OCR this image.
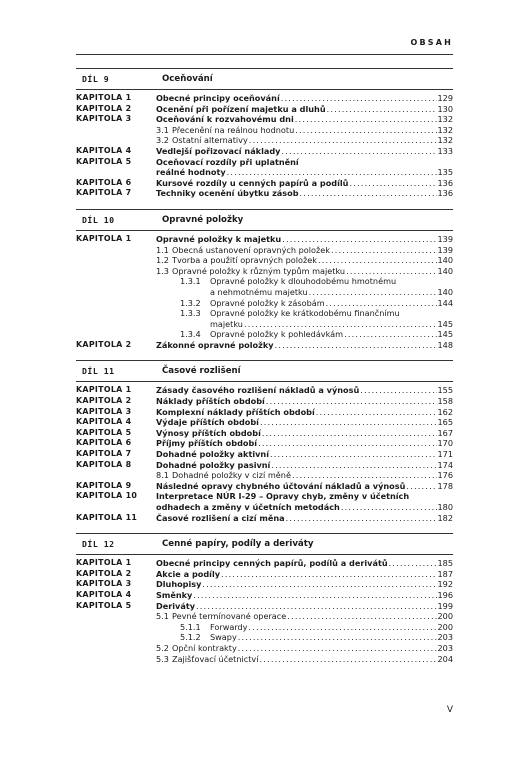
OBSAH
DÍL 9	Oceňování
KAPITOLA 1	Obecné principy oceňování .....	129
KAPITOLA 2	Ocenění při pořízení majetku a dluhů .....	130
KAPITOLA 3	Oceňování k rozvahovému dni .....	132
3.1 Přecenění na reálnou hodnotu .....	132
3.2 Ostatní alternativy .....	132
KAPITOLA 4	Vedlejší pořizovací náklady .....	133
KAPITOLA 5	Oceňovací rozdíly při uplatnění
reálné hodnoty .....	135
KAPITOLA 6	Kursové rozdíly u cenných papírů a podílů .....	136
KAPITOLA 7	Techniky ocenění úbytku zásob .....	136
DÍL 10	Opravné položky
KAPITOLA 1	Opravné položky k majetku .....	139
1.1 Obecná ustanovení opravných položek .....	139
1.2 Tvorba a použití opravných položek .....	140
1.3 Opravné položky k různým typům majetku .....	140
1.3.1	Opravné položky k dlouhodobému hmotnému
a nehmotnému majetku .....	140
1.3.2	Opravné položky k zásobám .....	144
1.3.3	Opravné položky ke krátkodobému finančnímu
majetku .....	145
1.3.4	Opravné položky k pohledávkám .....	145
KAPITOLA 2	Zákonné opravné položky .....	148
DÍL 11	Časové rozlišení
KAPITOLA 1	Zásady časového rozlišení nákladů a výnosů .....	155
KAPITOLA 2	Náklady příštích období .....	158
KAPITOLA 3	Komplexní náklady příštích období .....	162
KAPITOLA 4	Výdaje příštích období .....	165
KAPITOLA 5	Výnosy příštích období .....	167
KAPITOLA 6	Příjmy příštích období .....	170
KAPITOLA 7	Dohadné položky aktivní .....	171
KAPITOLA 8	Dohadné položky pasivní .....	174
8.1 Dohadné položky v cizí měně .....	176
KAPITOLA 9	Následné opravy chybného účtování nákladů a výnosů .....	178
KAPITOLA 10	Interpretace NÚR I-29 – Opravy chyb, změny v účetních
odhadech a změny v účetních metodách .....	180
KAPITOLA 11	Časové rozlišení a cizí měna .....	182
DÍL 12	Cenné papíry, podíly a deriváty
KAPITOLA 1	Obecné principy cenných papírů, podílů a derivátů .....	185
KAPITOLA 2	Akcie a podíly .....	187
KAPITOLA 3	Dluhopisy .....	192
KAPITOLA 4	Směnky .....	196
KAPITOLA 5	Deriváty .....	199
5.1 Pevné termínované operace .....	200
5.1.1	Forwardy .....	200
5.1.2	Swapy .....	203
5.2 Opční kontrakty .....	203
5.3 Zajišťovací účetnictví .....	204
V
